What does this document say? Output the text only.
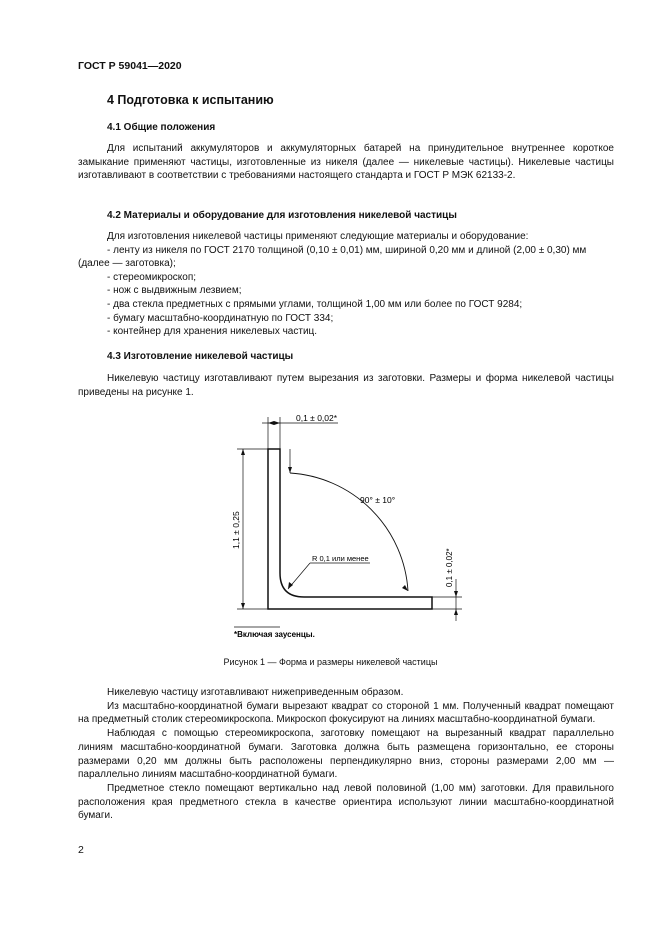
ГОСТ Р 59041—2020
4 Подготовка к испытанию
4.1 Общие положения

Для испытаний аккумуляторов и аккумуляторных батарей на принудительное внутреннее короткое замыкание применяют частицы, изготовленные из никеля (далее — никелевые частицы). Никелевые частицы изготавливают в соответствии с требованиями настоящего стандарта и ГОСТ Р МЭК 62133-2.

4.2 Материалы и оборудование для изготовления никелевой частицы
Для изготовления никелевой частицы применяют следующие материалы и оборудование:
- ленту из никеля по ГОСТ 2170 толщиной (0,10 ± 0,01) мм, шириной 0,20 мм и длиной (2,00 ± 0,30) мм
(далее — заготовка);
- стереомикроскоп;
- нож с выдвижным лезвием;
- два стекла предметных с прямыми углами, толщиной 1,00 мм или более по ГОСТ 9284;
- бумагу масштабно-координатную по ГОСТ 334;
- контейнер для хранения никелевых частиц.
4.3 Изготовление никелевой частицы

Никелевую частицу изготавливают путем вырезания из заготовки. Размеры и форма никелевой частицы приведены на рисунке 1.

0,1 ± 0,02*
90° ± 10°
1,1 ± 0,25
0,1 ± 0,02*
R 0,1 или менее
*Включая заусенцы.
Рисунок 1 — Форма и размеры никелевой частицы

Никелевую частицу изготавливают нижеприведенным образом.

Из масштабно-координатной бумаги вырезают квадрат со стороной 1 мм. Полученный квадрат помещают на предметный столик стереомикроскопа. Микроскоп фокусируют на линиях масштабно-координатной бумаги.

Наблюдая с помощью стереомикроскопа, заготовку помещают на вырезанный квадрат параллельно линиям масштабно-координатной бумаги. Заготовка должна быть размещена горизонтально, ее стороны размерами 0,20 мм должны быть расположены перпендикулярно вниз, стороны размерами 2,00 мм — параллельно линиям масштабно-координатной бумаги.

Предметное стекло помещают вертикально над левой половиной (1,00 мм) заготовки. Для правильного расположения края предметного стекла в качестве ориентира используют линии масштабно-координатной бумаги.

2
